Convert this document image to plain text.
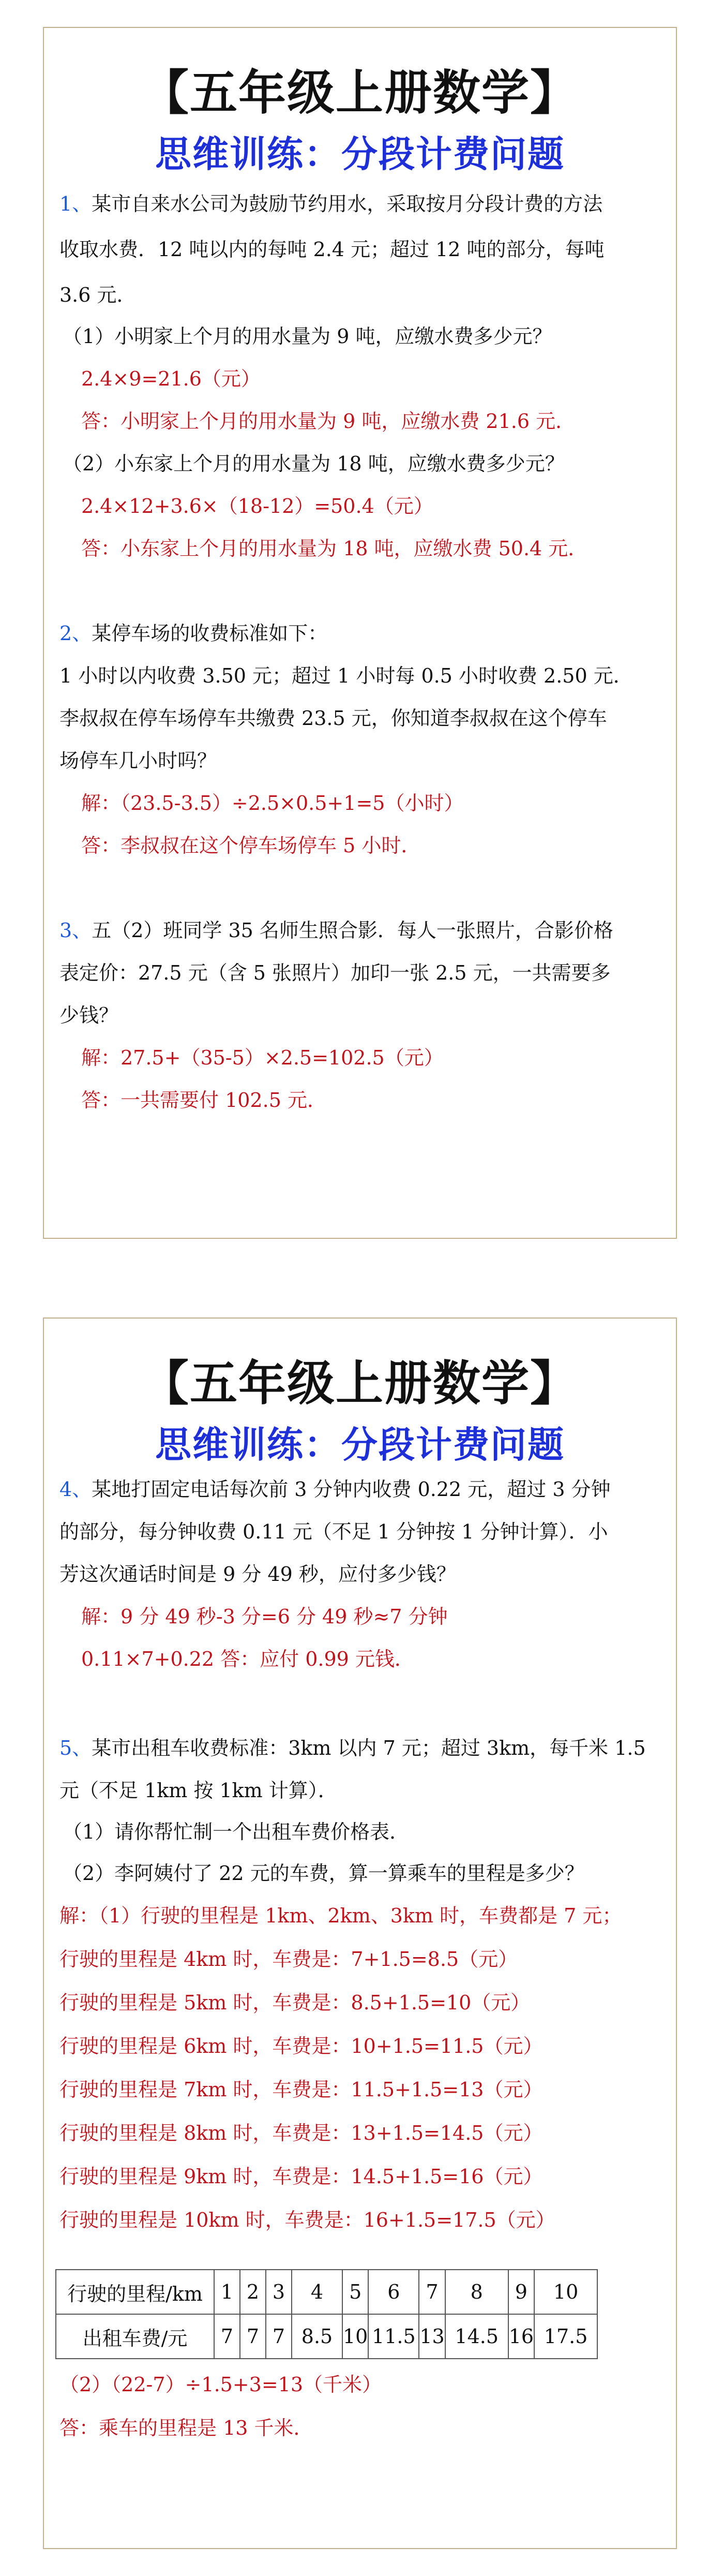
【五年级上册数学】
思维训练：分段计费问题
1、某市自来水公司为鼓励节约用水，采取按月分段计费的方法
收取水费．12 吨以内的每吨 2.4 元；超过 12 吨的部分，每吨
3.6 元．
（1）小明家上个月的用水量为 9 吨，应缴水费多少元？
2.4×9=21.6（元）
答：小明家上个月的用水量为 9 吨，应缴水费 21.6 元．
（2）小东家上个月的用水量为 18 吨，应缴水费多少元？
2.4×12+3.6×（18-12）=50.4（元）
答：小东家上个月的用水量为 18 吨，应缴水费 50.4 元．
2、某停车场的收费标准如下：
1 小时以内收费 3.50 元；超过 1 小时每 0.5 小时收费 2.50 元．
李叔叔在停车场停车共缴费 23.5 元，你知道李叔叔在这个停车
场停车几小时吗？
解：（23.5-3.5）÷2.5×0.5+1=5（小时）
答：李叔叔在这个停车场停车 5 小时．
3、五（2）班同学 35 名师生照合影．每人一张照片，合影价格
表定价：27.5 元（含 5 张照片）加印一张 2.5 元，一共需要多
少钱？
解：27.5+（35-5）×2.5=102.5（元）
答：一共需要付 102.5 元．
【五年级上册数学】
思维训练：分段计费问题
4、某地打固定电话每次前 3 分钟内收费 0.22 元，超过 3 分钟
的部分，每分钟收费 0.11 元（不足 1 分钟按 1 分钟计算）．小
芳这次通话时间是 9 分 49 秒，应付多少钱？
解：9 分 49 秒-3 分=6 分 49 秒≈7 分钟
0.11×7+0.22 答：应付 0.99 元钱．
5、某市出租车收费标准：3km 以内 7 元；超过 3km，每千米 1.5
元（不足 1km 按 1km 计算）．
（1）请你帮忙制一个出租车费价格表．
（2）李阿姨付了 22 元的车费，算一算乘车的里程是多少？
解：（1）行驶的里程是 1km、2km、3km 时，车费都是 7 元；
行驶的里程是 4km 时，车费是：7+1.5=8.5（元）
行驶的里程是 5km 时，车费是：8.5+1.5=10（元）
行驶的里程是 6km 时，车费是：10+1.5=11.5（元）
行驶的里程是 7km 时，车费是：11.5+1.5=13（元）
行驶的里程是 8km 时，车费是：13+1.5=14.5（元）
行驶的里程是 9km 时，车费是：14.5+1.5=16（元）
行驶的里程是 10km 时，车费是：16+1.5=17.5（元）
行驶的里程/km	1	2	3	4	5	6	7	8	9	10
出租车费/元	7	7	7	8.5	10	11.5	13	14.5	16	17.5
（2）（22-7）÷1.5+3=13（千米）
答：乘车的里程是 13 千米．
